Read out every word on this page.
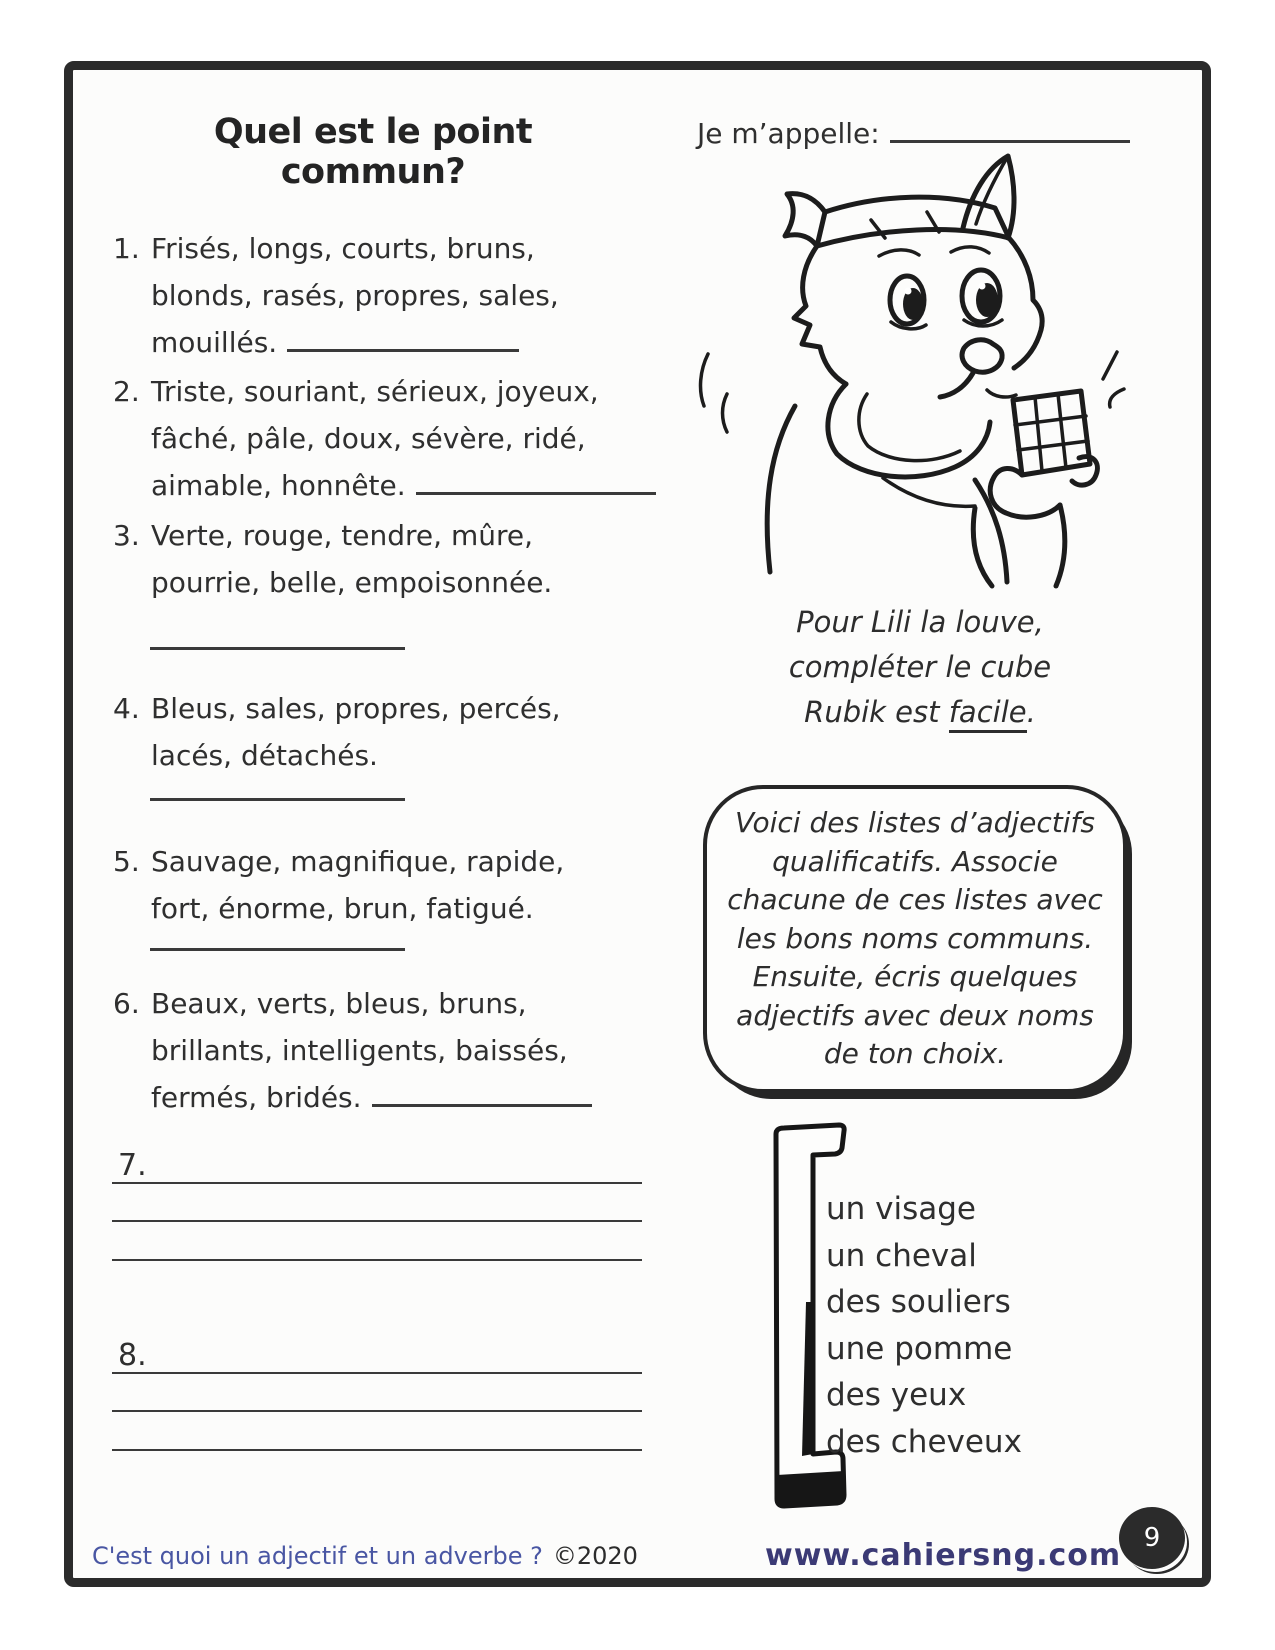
Quel est le point commun?
Je m’appelle:
1. Frisés, longs, courts, bruns,
blonds, rasés, propres, sales,
mouillés.
2. Triste, souriant, sérieux, joyeux,
fâché, pâle, doux, sévère, ridé,
aimable, honnête.
3. Verte, rouge, tendre, mûre,
pourrie, belle, empoisonnée.
4. Bleus, sales, propres, percés,
lacés, détachés.
5. Sauvage, magnifique, rapide,
fort, énorme, brun, fatigué.
6. Beaux, verts, bleus, bruns,
brillants, intelligents, baissés,
fermés, bridés.
7.
8.
Pour Lili la louve,
compléter le cube
Rubik est facile.
Voici des listes d’adjectifs
qualificatifs. Associe
chacune de ces listes avec
les bons noms communs.
Ensuite, écris quelques
adjectifs avec deux noms
de ton choix.
un visage
un cheval
des souliers
une pomme
des yeux
des cheveux
C'est quoi un adjectif et un adverbe ? ©2020	www.cahiersng.com 9
